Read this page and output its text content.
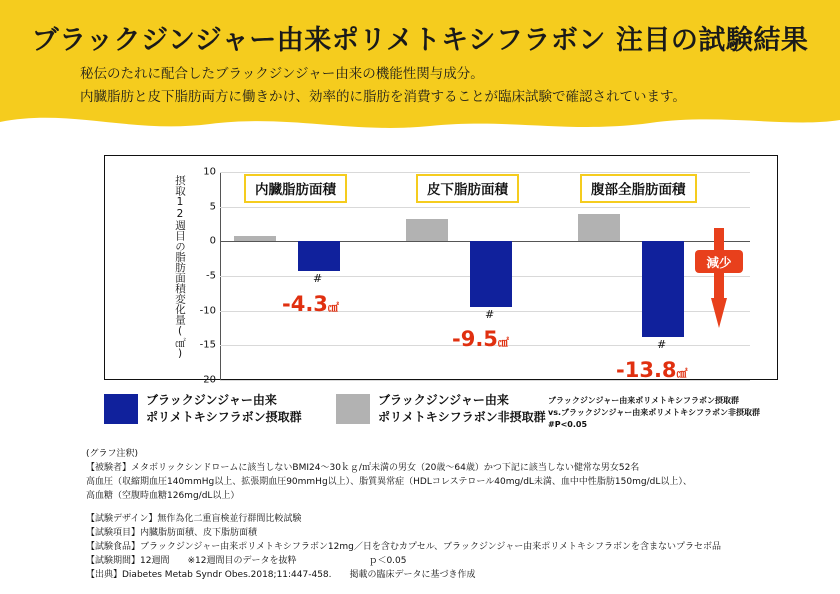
ブラックジンジャー由来ポリメトキシフラボン 注目の試験結果
秘伝のたれに配合したブラックジンジャー由来の機能性関与成分。
内臓脂肪と皮下脂肪両方に働きかけ、効率的に脂肪を消費することが臨床試験で確認されています。
摂取12週目の脂肪面積変化量(㎠)
10
5
0
-5
-10
-15
-20
#
#
#
-4.3㎠
-9.5㎠
-13.8㎠
内臓脂肪面積	皮下脂肪面積	腹部全脂肪面積
減少
ブラックジンジャー由来
ポリメトキシフラボン摂取群
ブラックジンジャー由来
ポリメトキシフラボン非摂取群
ブラックジンジャー由来ポリメトキシフラボン摂取群
vs.ブラックジンジャー由来ポリメトキシフラボン非摂取群
#P<0.05
(グラフ注釈)
【被験者】メタボリックシンドロームに該当しないBMI24～30ｋｇ/㎡未満の男女（20歳～64歳）かつ下記に該当しない健常な男女52名
高血圧（収縮期血圧140mmHg以上、拡張期血圧90mmHg以上）、脂質異常症（HDLコレステロール40mg/dL未満、血中中性脂肪150mg/dL以上）、
高血糖（空腹時血糖126mg/dL以上）
【試験デザイン】無作為化二重盲検並行群間比較試験
【試験項目】内臓脂肪面積、皮下脂肪面積
【試験食品】ブラックジンジャー由来ポリメトキシフラボン12mg／日を含むカプセル、ブラックジンジャー由来ポリメトキシフラボンを含まないプラセボ品
【試験期間】12週間　　※12週間目のデータを抜粋　　　　　　　　ｐ＜0.05
【出典】Diabetes Metab Syndr Obes.2018;11:447-458.　　掲載の臨床データに基づき作成
